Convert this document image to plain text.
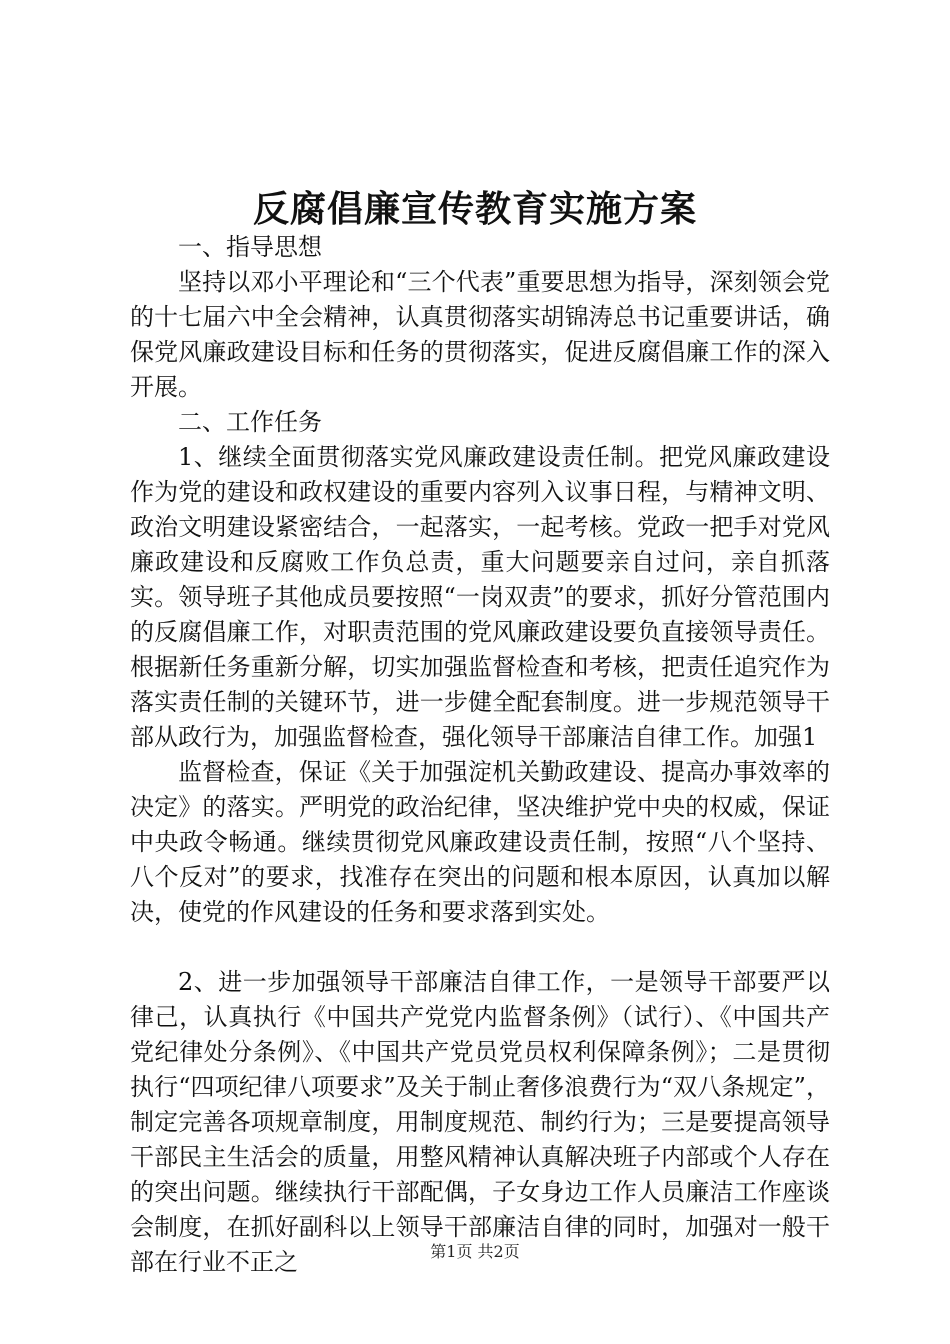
反腐倡廉宣传教育实施方案

一、指导思想

坚持以邓小平理论和“三个代表”重要思想为指导，深刻领会党的十七届六中全会精神，认真贯彻落实胡锦涛总书记重要讲话，确保党风廉政建设目标和任务的贯彻落实，促进反腐倡廉工作的深入开展。

二、工作任务

1、继续全面贯彻落实党风廉政建设责任制。把党风廉政建设作为党的建设和政权建设的重要内容列入议事日程，与精神文明、政治文明建设紧密结合，一起落实，一起考核。党政一把手对党风廉政建设和反腐败工作负总责，重大问题要亲自过问，亲自抓落实。领导班子其他成员要按照“一岗双责”的要求，抓好分管范围内的反腐倡廉工作，对职责范围的党风廉政建设要负直接领导责任。根据新任务重新分解，切实加强监督检查和考核，把责任追究作为落实责任制的关键环节，进一步健全配套制度。进一步规范领导干部从政行为，加强监督检查，强化领导干部廉洁自律工作。加强1

监督检查，保证《关于加强淀机关勤政建设、提高办事效率的决定》的落实。严明党的政治纪律，坚决维护党中央的权威，保证中央政令畅通。继续贯彻党风廉政建设责任制，按照“八个坚持、八个反对”的要求，找准存在突出的问题和根本原因，认真加以解决，使党的作风建设的任务和要求落到实处。

2、进一步加强领导干部廉洁自律工作，一是领导干部要严以律己，认真执行《中国共产党党内监督条例》（试行）、《中国共产党纪律处分条例》、《中国共产党员党员权利保障条例》；二是贯彻执行“四项纪律八项要求”及关于制止奢侈浪费行为“双八条规定”，制定完善各项规章制度，用制度规范、制约行为；三是要提高领导干部民主生活会的质量，用整风精神认真解决班子内部或个人存在的突出问题。继续执行干部配偶，子女身边工作人员廉洁工作座谈会制度，在抓好副科以上领导干部廉洁自律的同时，加强对一般干部在行业不正之	第1页 共2页
